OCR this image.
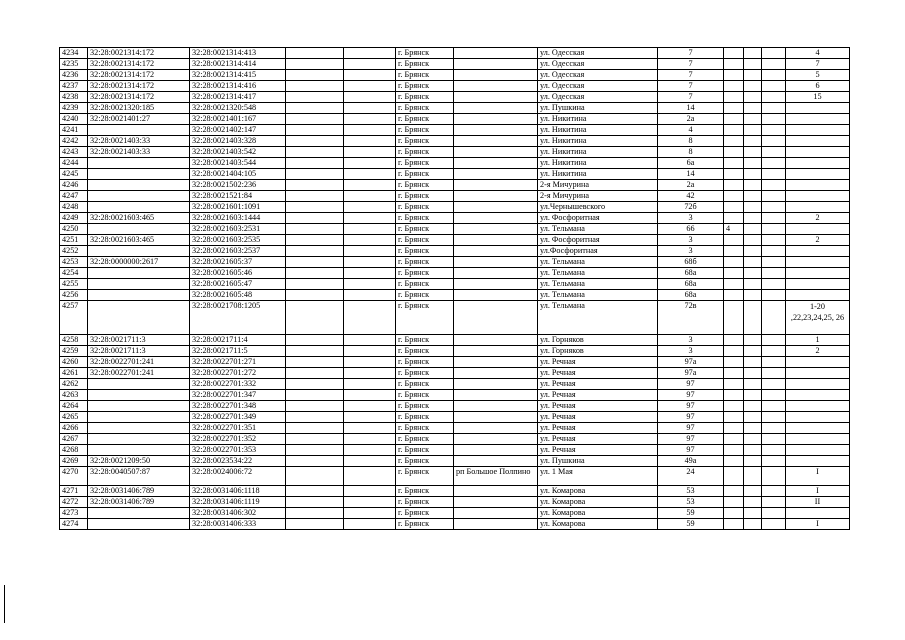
4234	32:28:0021314:172	32:28:0021314:413			г. Брянск		ул. Одесская	7				4
4235	32:28:0021314:172	32:28:0021314:414			г. Брянск		ул. Одесская	7				7
4236	32:28:0021314:172	32:28:0021314:415			г. Брянск		ул. Одесская	7				5
4237	32:28:0021314:172	32:28:0021314:416			г. Брянск		ул. Одесская	7				6
4238	32:28:0021314:172	32:28:0021314:417			г. Брянск		ул. Одесская	7				15
4239	32:28:0021320:185	32:28:0021320:548			г. Брянск		ул. Пушкина	14				
4240	32:28:0021401:27	32:28:0021401:167			г. Брянск		ул. Никитина	2а				
4241		32:28:0021402:147			г. Брянск		ул. Никитина	4				
4242	32:28:0021403:33	32:28:0021403:328			г. Брянск		ул. Никитина	8				
4243	32:28:0021403:33	32:28:0021403:542			г. Брянск		ул. Никитина	8				
4244		32:28:0021403:544			г. Брянск		ул. Никитина	6а				
4245		32:28:0021404:105			г. Брянск		ул. Никитина	14				
4246		32:28:0021502:236			г. Брянск		2-я Мичурина	2а				
4247		32:28:0021521:84			г. Брянск		2-я Мичурина	42				
4248		32:28:0021601:1091			г. Брянск		ул.Чернышевского	72б				
4249	32:28:0021603:465	32:28:0021603:1444			г. Брянск		ул. Фосфоритная	3				2
4250		32:28:0021603:2531			г. Брянск		ул. Тельмана	66	4			
4251	32:28:0021603:465	32:28:0021603:2535			г. Брянск		ул. Фосфоритная	3				2
4252		32:28:0021603:2537			г. Брянск		ул.Фосфоритная	3				
4253	32:28:0000000:2617	32:28:0021605:37			г. Брянск		ул. Тельмана	68б				
4254		32:28:0021605:46			г. Брянск		ул. Тельмана	68а				
4255		32:28:0021605:47			г. Брянск		ул. Тельмана	68а				
4256		32:28:0021605:48			г. Брянск		ул. Тельмана	68а				
4257		32:28:0021708:1205			г. Брянск		ул. Тельмана	72в				1-20 ,22,23,24,25, 26
4258	32:28:0021711:3	32:28:0021711:4			г. Брянск		ул. Горняков	3				1
4259	32:28:0021711:3	32:28:0021711:5			г. Брянск		ул. Горняков	3				2
4260	32:28:0022701:241	32:28:0022701:271			г. Брянск		ул. Речная	97а				
4261	32:28:0022701:241	32:28:0022701:272			г. Брянск		ул. Речная	97а				
4262		32:28:0022701:332			г. Брянск		ул. Речная	97				
4263		32:28:0022701:347			г. Брянск		ул. Речная	97				
4264		32:28:0022701:348			г. Брянск		ул. Речная	97				
4265		32:28:0022701:349			г. Брянск		ул. Речная	97				
4266		32:28:0022701:351			г. Брянск		ул. Речная	97				
4267		32:28:0022701:352			г. Брянск		ул. Речная	97				
4268		32:28:0022701:353			г. Брянск		ул. Речная	97				
4269	32:28:0021209:50	32:28:0023534:22			г. Брянск		ул. Пушкина	49а				
4270	32:28:0040507:87	32:28:0024006:72			г. Брянск	рп Большое Полпино	ул. 1 Мая	24				I
4271	32:28:0031406:789	32:28:0031406:1118			г. Брянск		ул. Комарова	53				I
4272	32:28:0031406:789	32:28:0031406:1119			г. Брянск		ул. Комарова	53				II
4273		32:28:0031406:302			г. Брянск		ул. Комарова	59				
4274		32:28:0031406:333			г. Брянск		ул. Комарова	59				I
